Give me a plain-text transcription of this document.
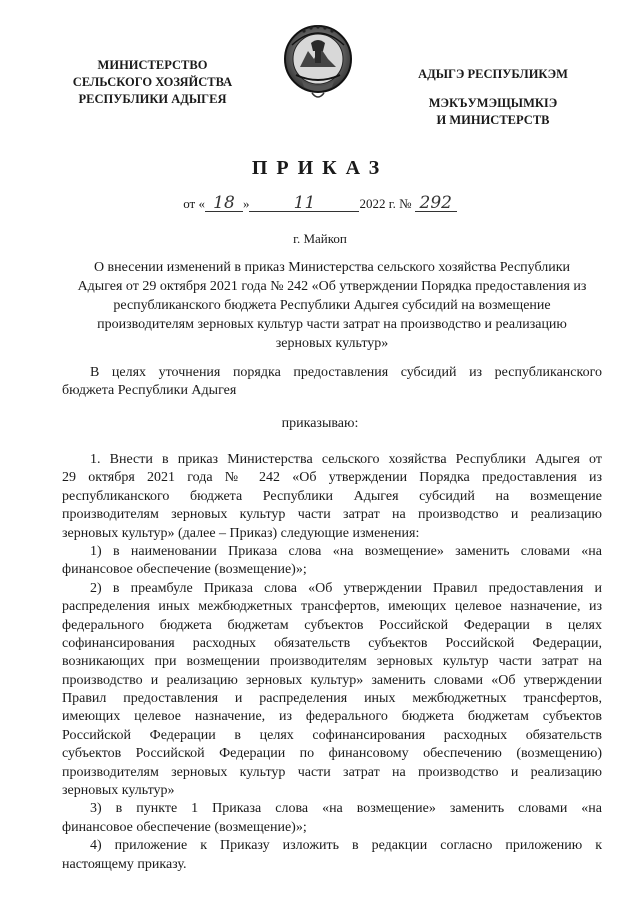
МИНИСТЕРСТВО
СЕЛЬСКОГО ХОЗЯЙСТВА
РЕСПУБЛИКИ АДЫГЕЯ
АДЫГЭ РЕСПУБЛИКЭМ
МЭКЪУМЭЩЫМКIЭ
И МИНИСТЕРСТВ
ПРИКАЗ
от « 18 »	11	2022 г. № 292
г. Майкоп
О внесении изменений в приказ Министерства сельского хозяйства Республики
Адыгея от 29 октября 2021 года № 242 «Об утверждении Порядка предоставления из
республиканского бюджета Республики Адыгея субсидий на возмещение
производителям зерновых культур части затрат на производство и реализацию
зерновых культур»
В целях уточнения порядка предоставления субсидий из республиканского
бюджета Республики Адыгея
приказываю:
1. Внести в приказ Министерства сельского хозяйства Республики Адыгея от
29 октября 2021 года № 242 «Об утверждении Порядка предоставления из
республиканского бюджета Республики Адыгея субсидий на возмещение
производителям зерновых культур части затрат на производство и реализацию
зерновых культур» (далее – Приказ) следующие изменения:
1) в наименовании Приказа слова «на возмещение» заменить словами «на
финансовое обеспечение (возмещение)»;
2) в преамбуле Приказа слова «Об утверждении Правил предоставления и
распределения иных межбюджетных трансфертов, имеющих целевое назначение, из
федерального бюджета бюджетам субъектов Российской Федерации в целях
софинансирования расходных обязательств субъектов Российской Федерации,
возникающих при возмещении производителям зерновых культур части затрат на
производство и реализацию зерновых культур» заменить словами «Об утверждении
Правил предоставления и распределения иных межбюджетных трансфертов,
имеющих целевое назначение, из федерального бюджета бюджетам субъектов
Российской Федерации в целях софинансирования расходных обязательств
субъектов Российской Федерации по финансовому обеспечению (возмещению)
производителям зерновых культур части затрат на производство и реализацию
зерновых культур»
3) в пункте 1 Приказа слова «на возмещение» заменить словами «на
финансовое обеспечение (возмещение)»;
4) приложение к Приказу изложить в редакции согласно приложению к
настоящему приказу.
